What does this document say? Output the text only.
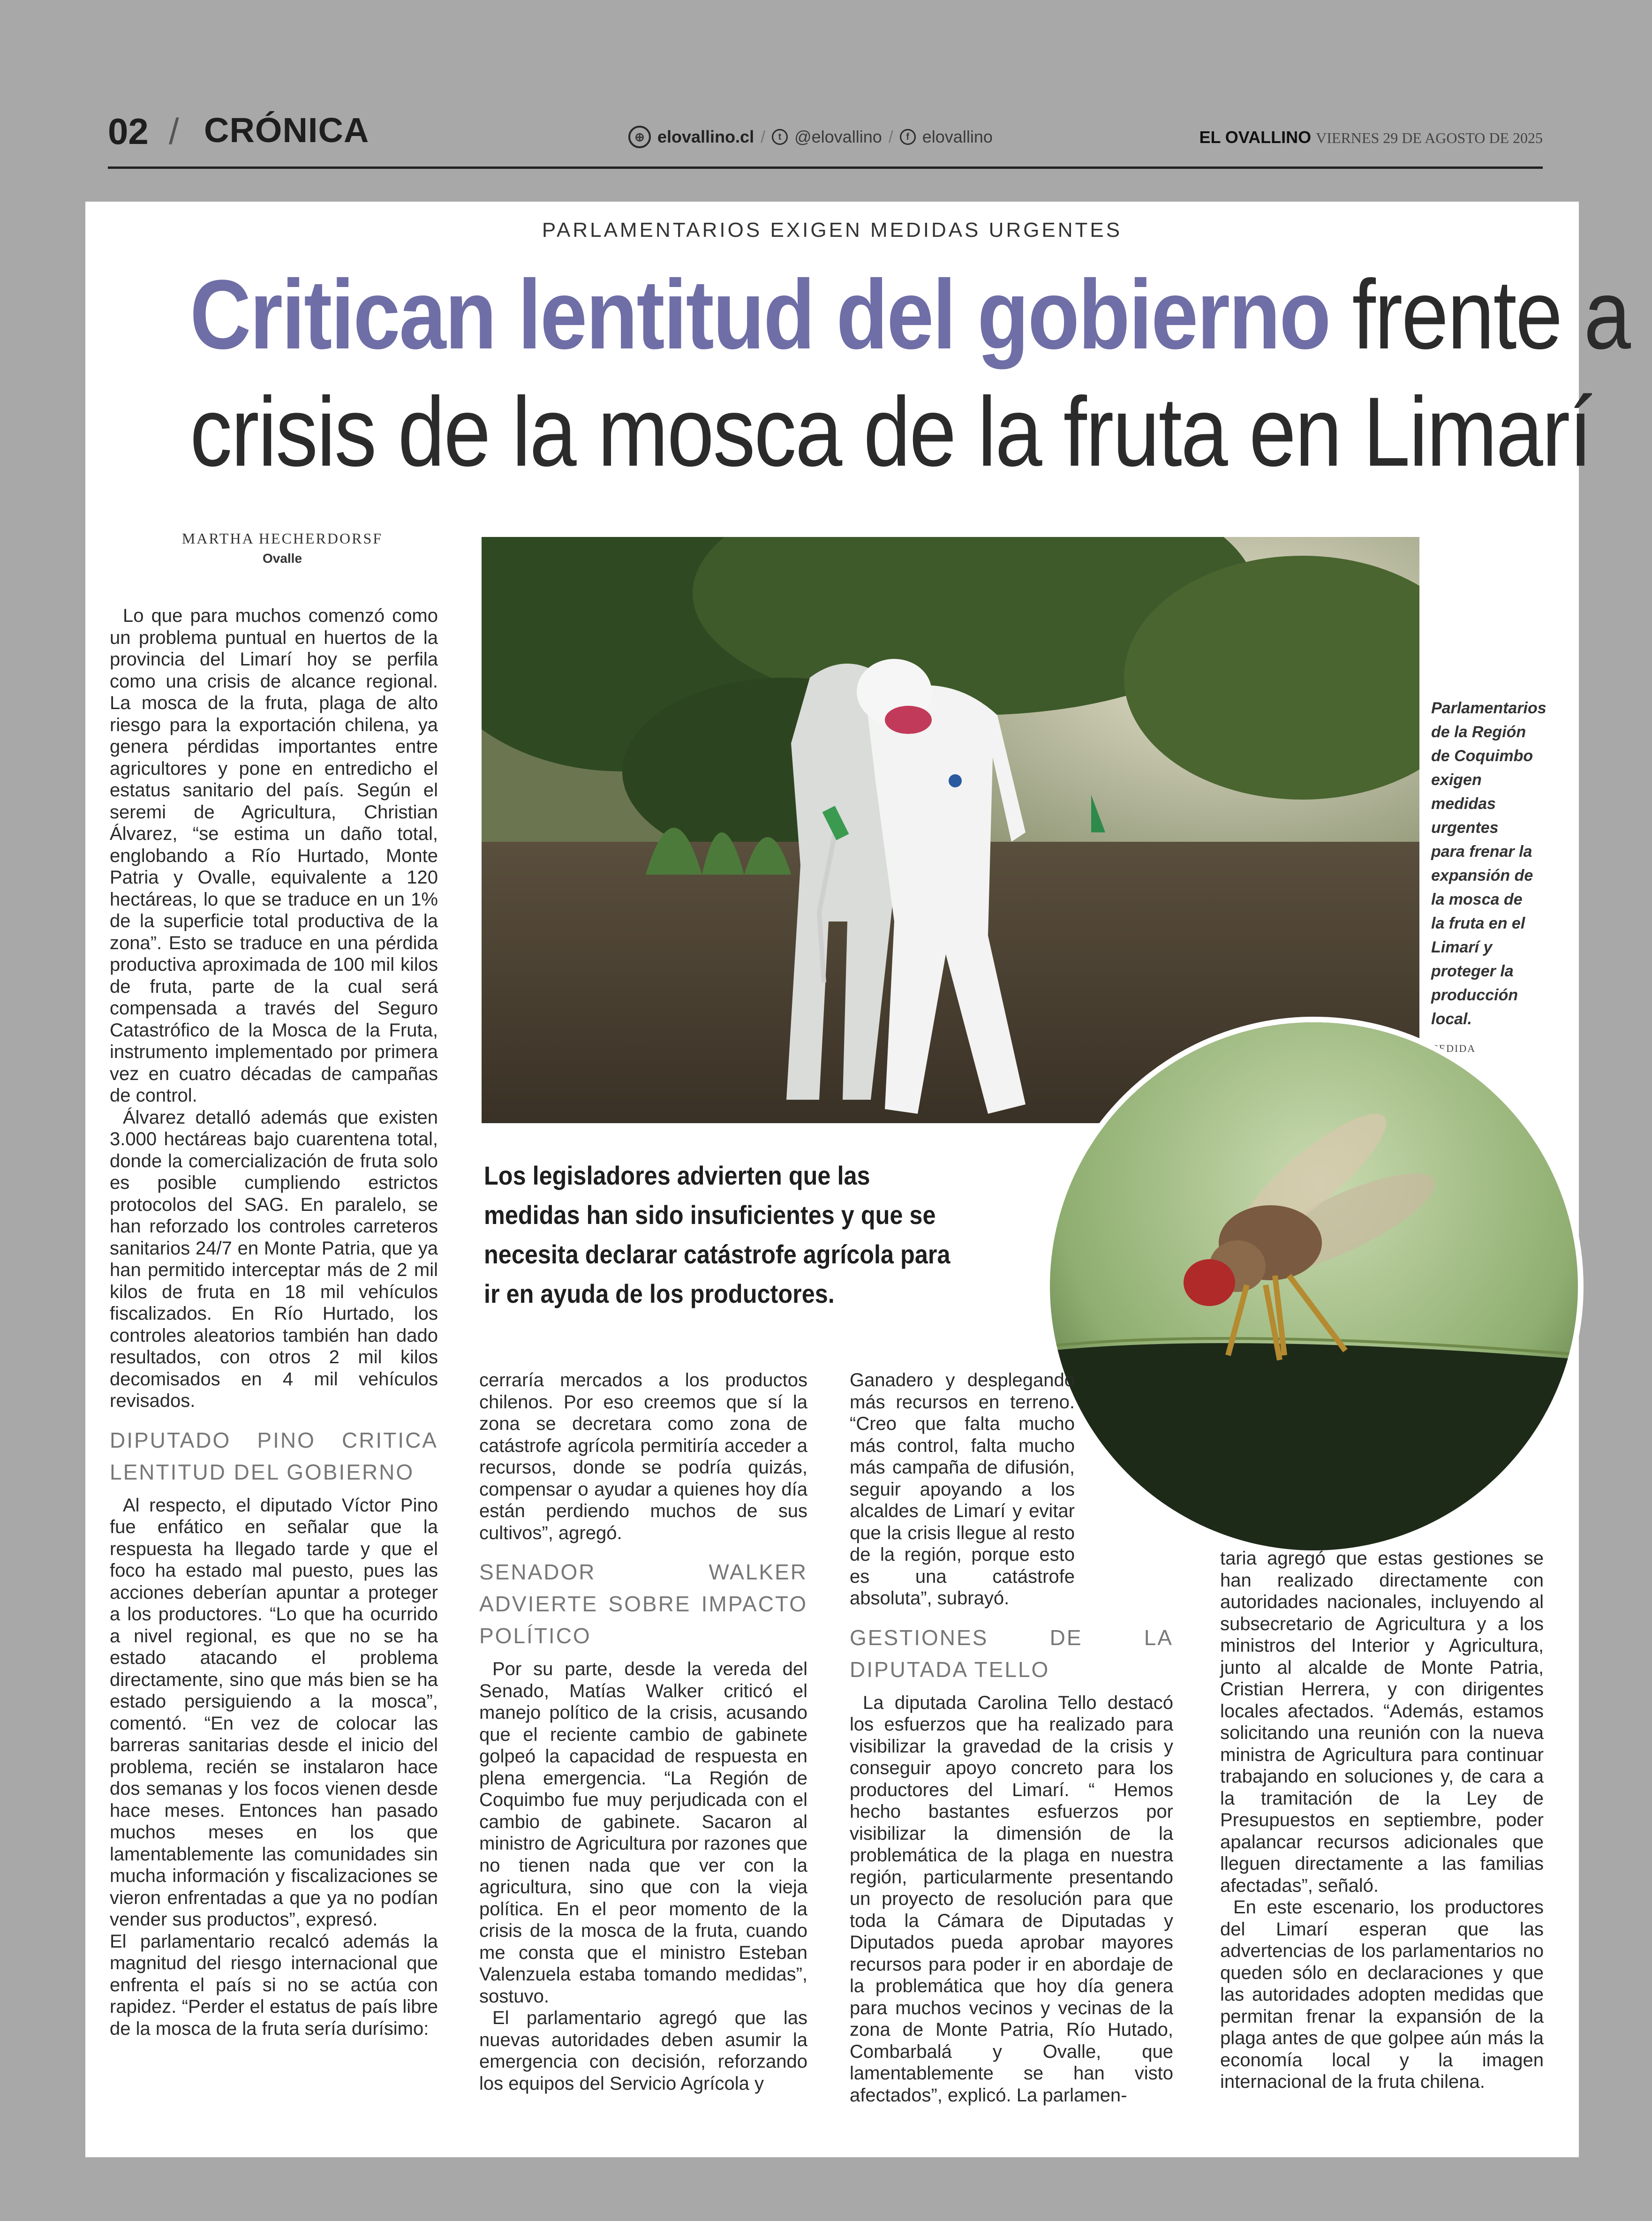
02 / CRÓNICA	⊕ elovallino.cl /	t @elovallino /	f elovallino	EL OVALLINO VIERNES 29 DE AGOSTO DE 2025
PARLAMENTARIOS EXIGEN MEDIDAS URGENTES
Critican lentitud del gobierno frente a
crisis de la mosca de la fruta en Limarí
MARTHA HECHERDORSF
Ovalle
Parlamentarios de la Región de Coquimbo exigen medidas urgentes para frenar la expansión de la mosca de la fruta en el Limarí y proteger la producción local.
CEDIDA
Los legisladores advierten que las medidas han sido insuficientes y que se necesita declarar catástrofe agrícola para ir en ayuda de los productores.

Lo que para muchos comenzó como un problema puntual en huertos de la provincia del Limarí hoy se perfila como una crisis de alcance regional. La mosca de la fruta, plaga de alto riesgo para la exportación chilena, ya genera pérdidas importantes entre agricultores y pone en entredicho el estatus sanitario del país. Según el seremi de Agricultura, Christian Álvarez, “se estima un daño total, englobando a Río Hurtado, Monte Patria y Ovalle, equivalente a 120 hectáreas, lo que se traduce en un 1% de la superficie total productiva de la zona”. Esto se traduce en una pérdida productiva aproximada de 100 mil kilos de fruta, parte de la cual será compensada a través del Seguro Catastrófico de la Mosca de la Fruta, instrumento implementado por primera vez en cuatro décadas de campañas de control.

Álvarez detalló además que existen 3.000 hectáreas bajo cuarentena total, donde la comercialización de fruta solo es posible cumpliendo estrictos protocolos del SAG. En paralelo, se han reforzado los controles carreteros sanitarios 24/7 en Monte Patria, que ya han permitido interceptar más de 2 mil kilos de fruta en 18 mil vehículos fiscalizados. En Río Hurtado, los controles aleatorios también han dado resultados, con otros 2 mil kilos decomisados en 4 mil vehículos revisados.

DIPUTADO PINO CRITICA LENTITUD DEL GOBIERNO

Al respecto, el diputado Víctor Pino fue enfático en señalar que la respuesta ha llegado tarde y que el foco ha estado mal puesto, pues las acciones deberían apuntar a proteger a los productores. “Lo que ha ocurrido a nivel regional, es que no se ha estado atacando el problema directamente, sino que más bien se ha estado persiguiendo a la mosca”, comentó. “En vez de colocar las barreras sanitarias desde el inicio del problema, recién se instalaron hace dos semanas y los focos vienen desde hace meses. Entonces han pasado muchos meses en los que lamentablemente las comunidades sin mucha información y fiscalizaciones se vieron enfrentadas a que ya no podían vender sus productos”, expresó.

El parlamentario recalcó además la magnitud del riesgo internacional que enfrenta el país si no se actúa con rapidez. “Perder el estatus de país libre de la mosca de la fruta sería durísimo:

cerraría mercados a los productos chilenos. Por eso creemos que sí la zona se decretara como zona de catástrofe agrícola permitiría acceder a recursos, donde se podría quizás, compensar o ayudar a quienes hoy día están perdiendo muchos de sus cultivos”, agregó.

SENADOR WALKER ADVIERTE SOBRE IMPACTO POLÍTICO

Por su parte, desde la vereda del Senado, Matías Walker criticó el manejo político de la crisis, acusando que el reciente cambio de gabinete golpeó la capacidad de respuesta en plena emergencia. “La Región de Coquimbo fue muy perjudicada con el cambio de gabinete. Sacaron al ministro de Agricultura por razones que no tienen nada que ver con la agricultura, sino que con la vieja política. En el peor momento de la crisis de la mosca de la fruta, cuando me consta que el ministro Esteban Valenzuela estaba tomando medidas”, sostuvo.

El parlamentario agregó que las nuevas autoridades deben asumir la emergencia con decisión, reforzando los equipos del Servicio Agrícola y

Ganadero y desplegando más recursos en terreno. “Creo que falta mucho más control, falta mucho más campaña de difusión, seguir apoyando a los alcaldes de Limarí y evitar que la crisis llegue al resto de la región, porque esto es una catástrofe absoluta”, subrayó.

GESTIONES DE LA DIPUTADA TELLO

La diputada Carolina Tello destacó los esfuerzos que ha realizado para visibilizar la gravedad de la crisis y conseguir apoyo concreto para los productores del Limarí. “ Hemos hecho bastantes esfuerzos por visibilizar la dimensión de la problemática de la plaga en nuestra región, particularmente presentando un proyecto de resolución para que toda la Cámara de Diputadas y Diputados pueda aprobar mayores recursos para poder ir en abordaje de la problemática que hoy día genera para muchos vecinos y vecinas de la zona de Monte Patria, Río Hutado, Combarbalá y Ovalle, que lamentablemente se han visto afectados”, explicó. La parlamen-

taria agregó que estas gestiones se han realizado directamente con autoridades nacionales, incluyendo al subsecretario de Agricultura y a los ministros del Interior y Agricultura, junto al alcalde de Monte Patria, Cristian Herrera, y con dirigentes locales afectados. “Además, estamos solicitando una reunión con la nueva ministra de Agricultura para continuar trabajando en soluciones y, de cara a la tramitación de la Ley de Presupuestos en septiembre, poder apalancar recursos adicionales que lleguen directamente a las familias afectadas”, señaló.

En este escenario, los productores del Limarí esperan que las advertencias de los parlamentarios no queden sólo en declaraciones y que las autoridades adopten medidas que permitan frenar la expansión de la plaga antes de que golpee aún más la economía local y la imagen internacional de la fruta chilena.
